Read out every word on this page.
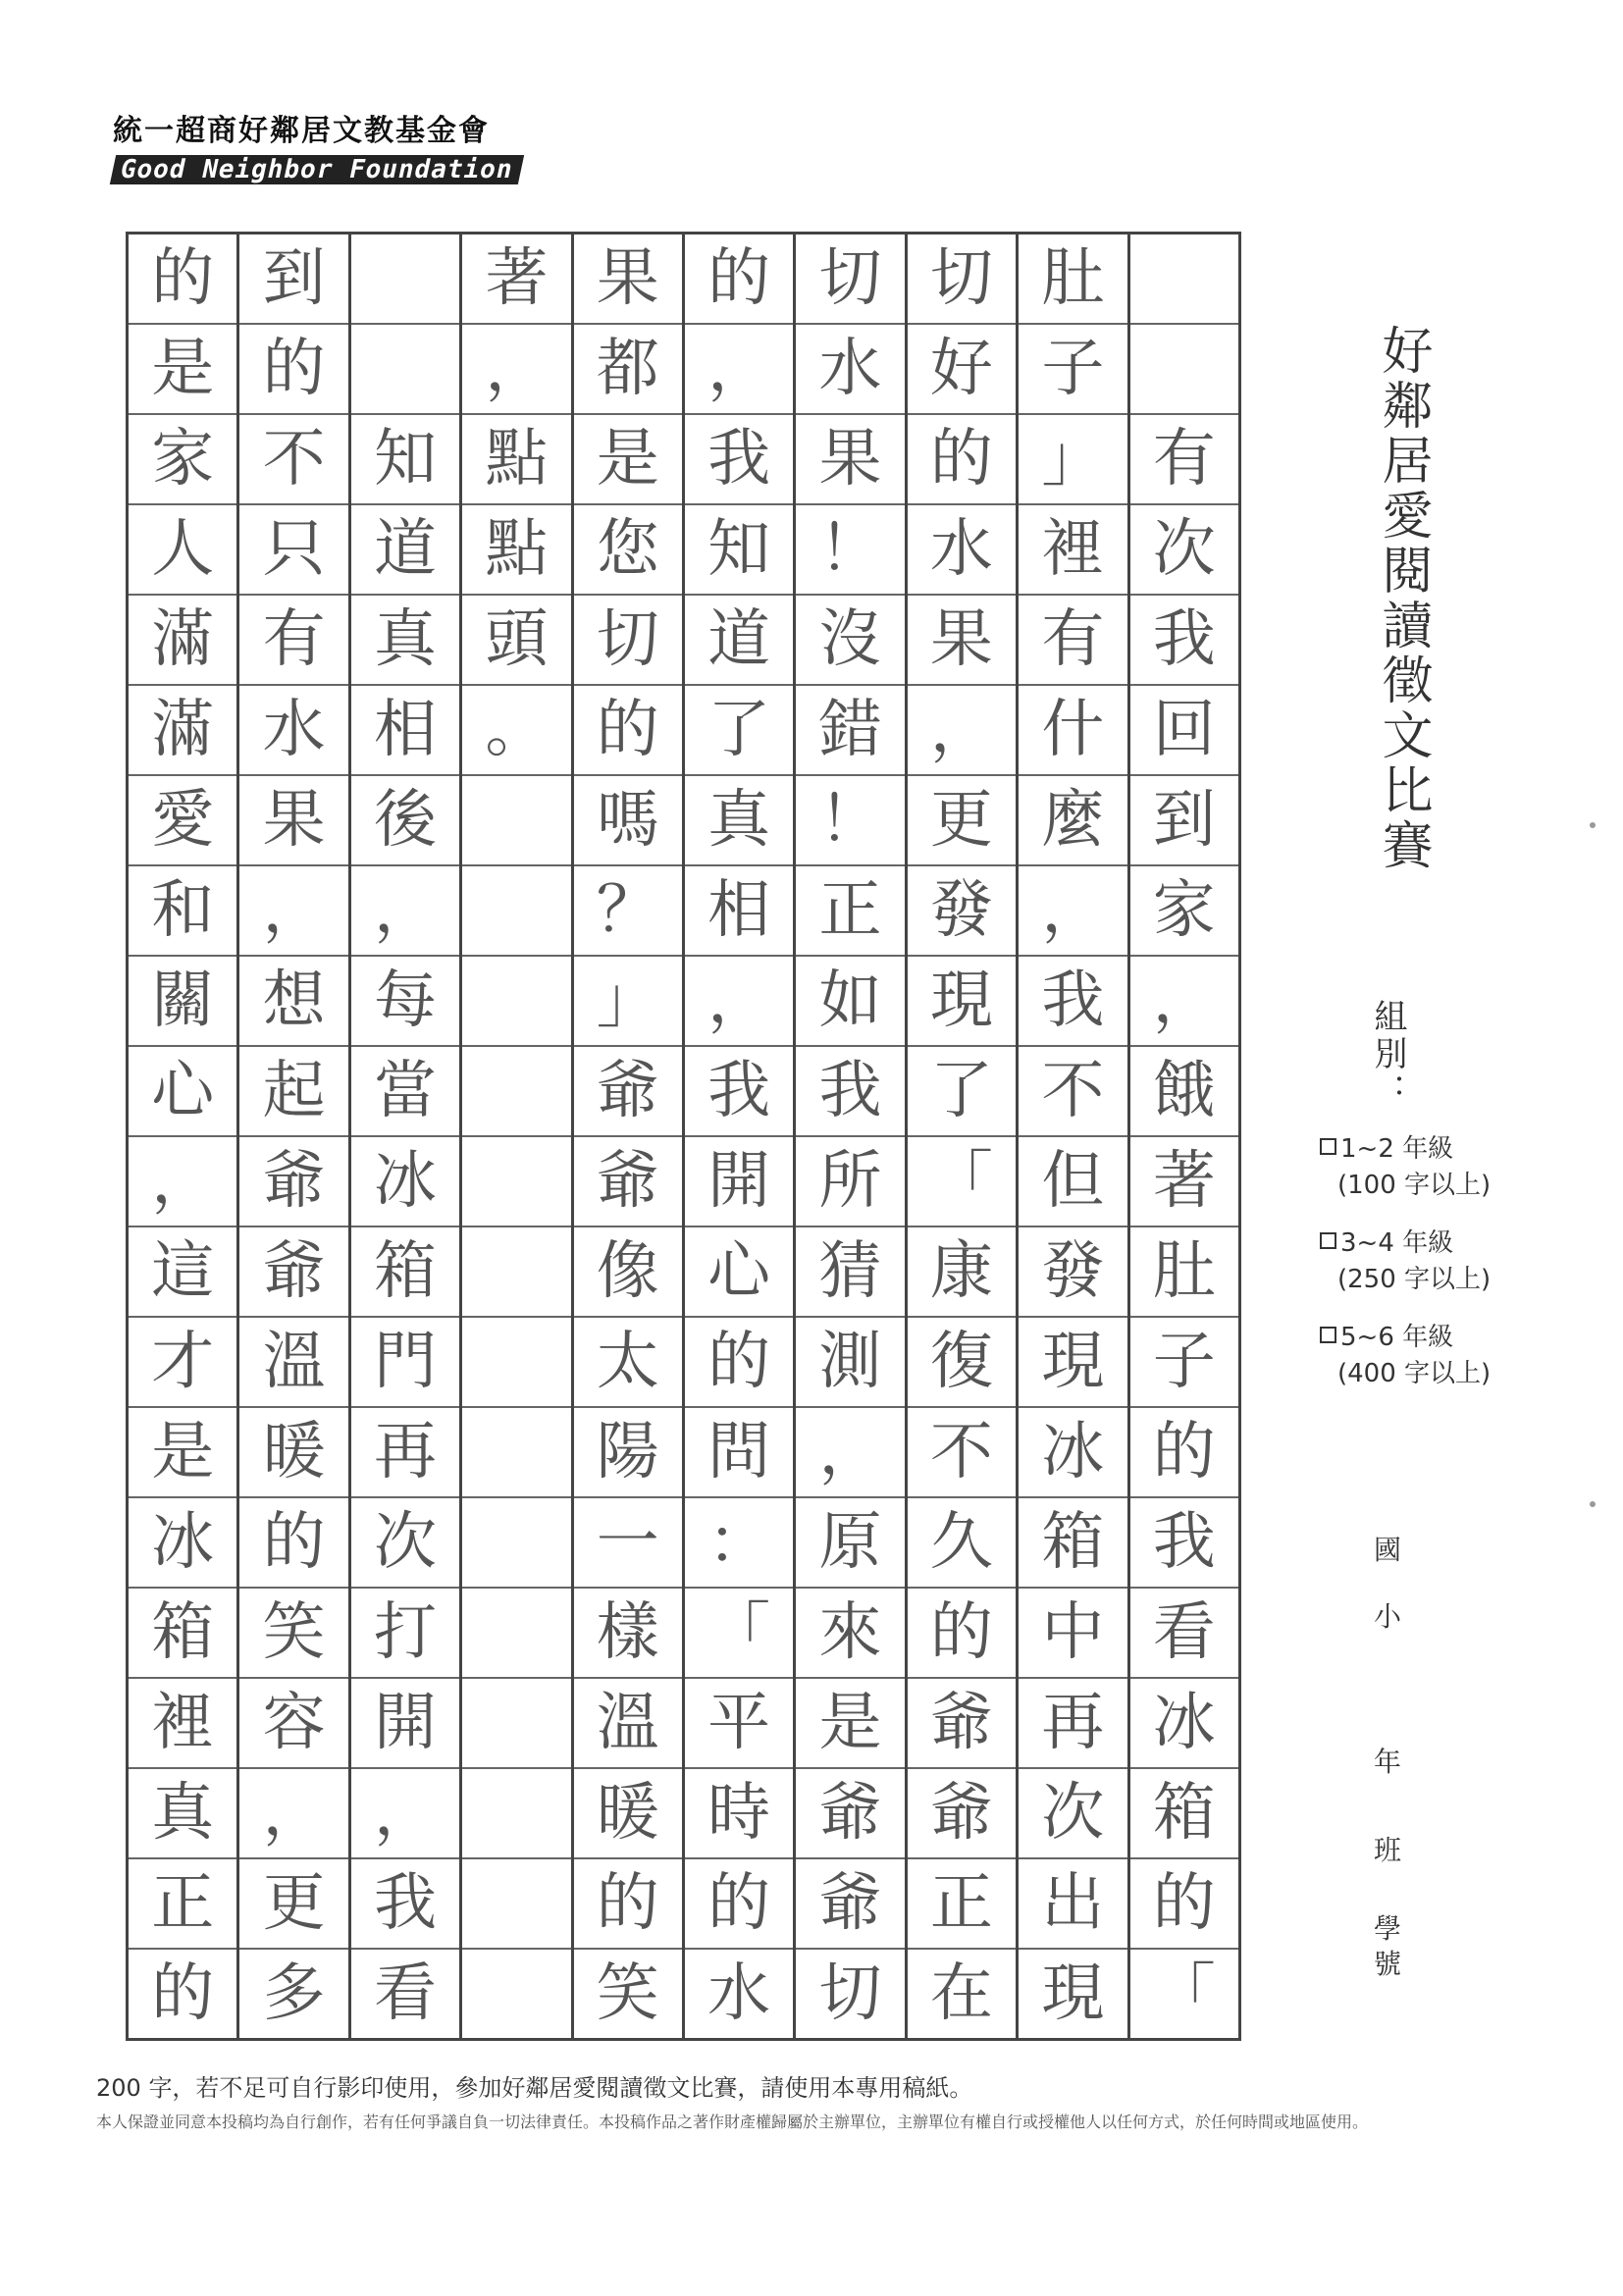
統一超商好鄰居文教基金會
Good Neighbor Foundation
的
是
家
人
滿
滿
愛
和
關
心
，
這
才
是
冰
箱
裡
真
正
的
到
的
不
只
有
水
果
，
想
起
爺
爺
溫
暖
的
笑
容
，
更
多
知
道
真
相
後
，
每
當
冰
箱
門
再
次
打
開
，
我
看
著
，
點
點
頭
。
果
都
是
您
切
的
嗎
？
」
爺
爺
像
太
陽
一
樣
溫
暖
的
笑
的
，
我
知
道
了
真
相
，
我
開
心
的
問
：
「
平
時
的
水
切
水
果
！
沒
錯
！
正
如
我
所
猜
測
，
原
來
是
爺
爺
切
切
好
的
水
果
，
更
發
現
了
「
康
復
不
久
的
爺
爺
正
在
肚
子
」
裡
有
什
麼
，
我
不
但
發
現
冰
箱
中
再
次
出
現
有
次
我
回
到
家
，
餓
著
肚
子
的
我
看
冰
箱
的
「
好鄰居愛閱讀徵文比賽
組別：
1~2 年級
(100 字以上)
3~4 年級
(250 字以上)
5~6 年級
(400 字以上)
國
小
年
班
學
號
200 字，若不足可自行影印使用，參加好鄰居愛閱讀徵文比賽，請使用本專用稿紙。
本人保證並同意本投稿均為自行創作，若有任何爭議自負一切法律責任。本投稿作品之著作財產權歸屬於主辦單位，主辦單位有權自行或授權他人以任何方式，於任何時間或地區使用。
